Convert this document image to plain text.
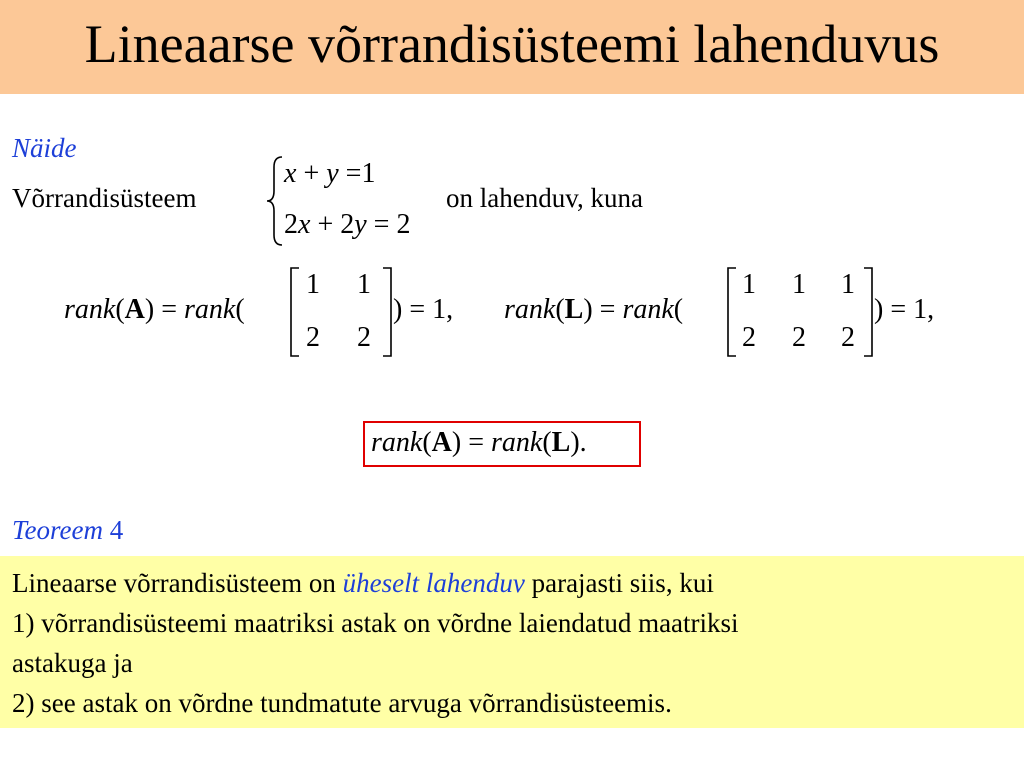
Lineaarse võrrandisüsteemi lahenduvus
Näide
Võrrandisüsteem
x + y =1
2x + 2y = 2
on lahenduv, kuna
rank(A) = rank(
1 1
2 2
) = 1, rank(L) = rank(
1 1 1
2 2 2
) = 1,
rank(A) = rank(L).
Teoreem 4
Lineaarse võrrandisüsteem on üheselt lahenduv parajasti siis, kui
1) võrrandisüsteemi maatriksi astak on võrdne laiendatud maatriksi
astakuga ja
2) see astak on võrdne tundmatute arvuga võrrandisüsteemis.
